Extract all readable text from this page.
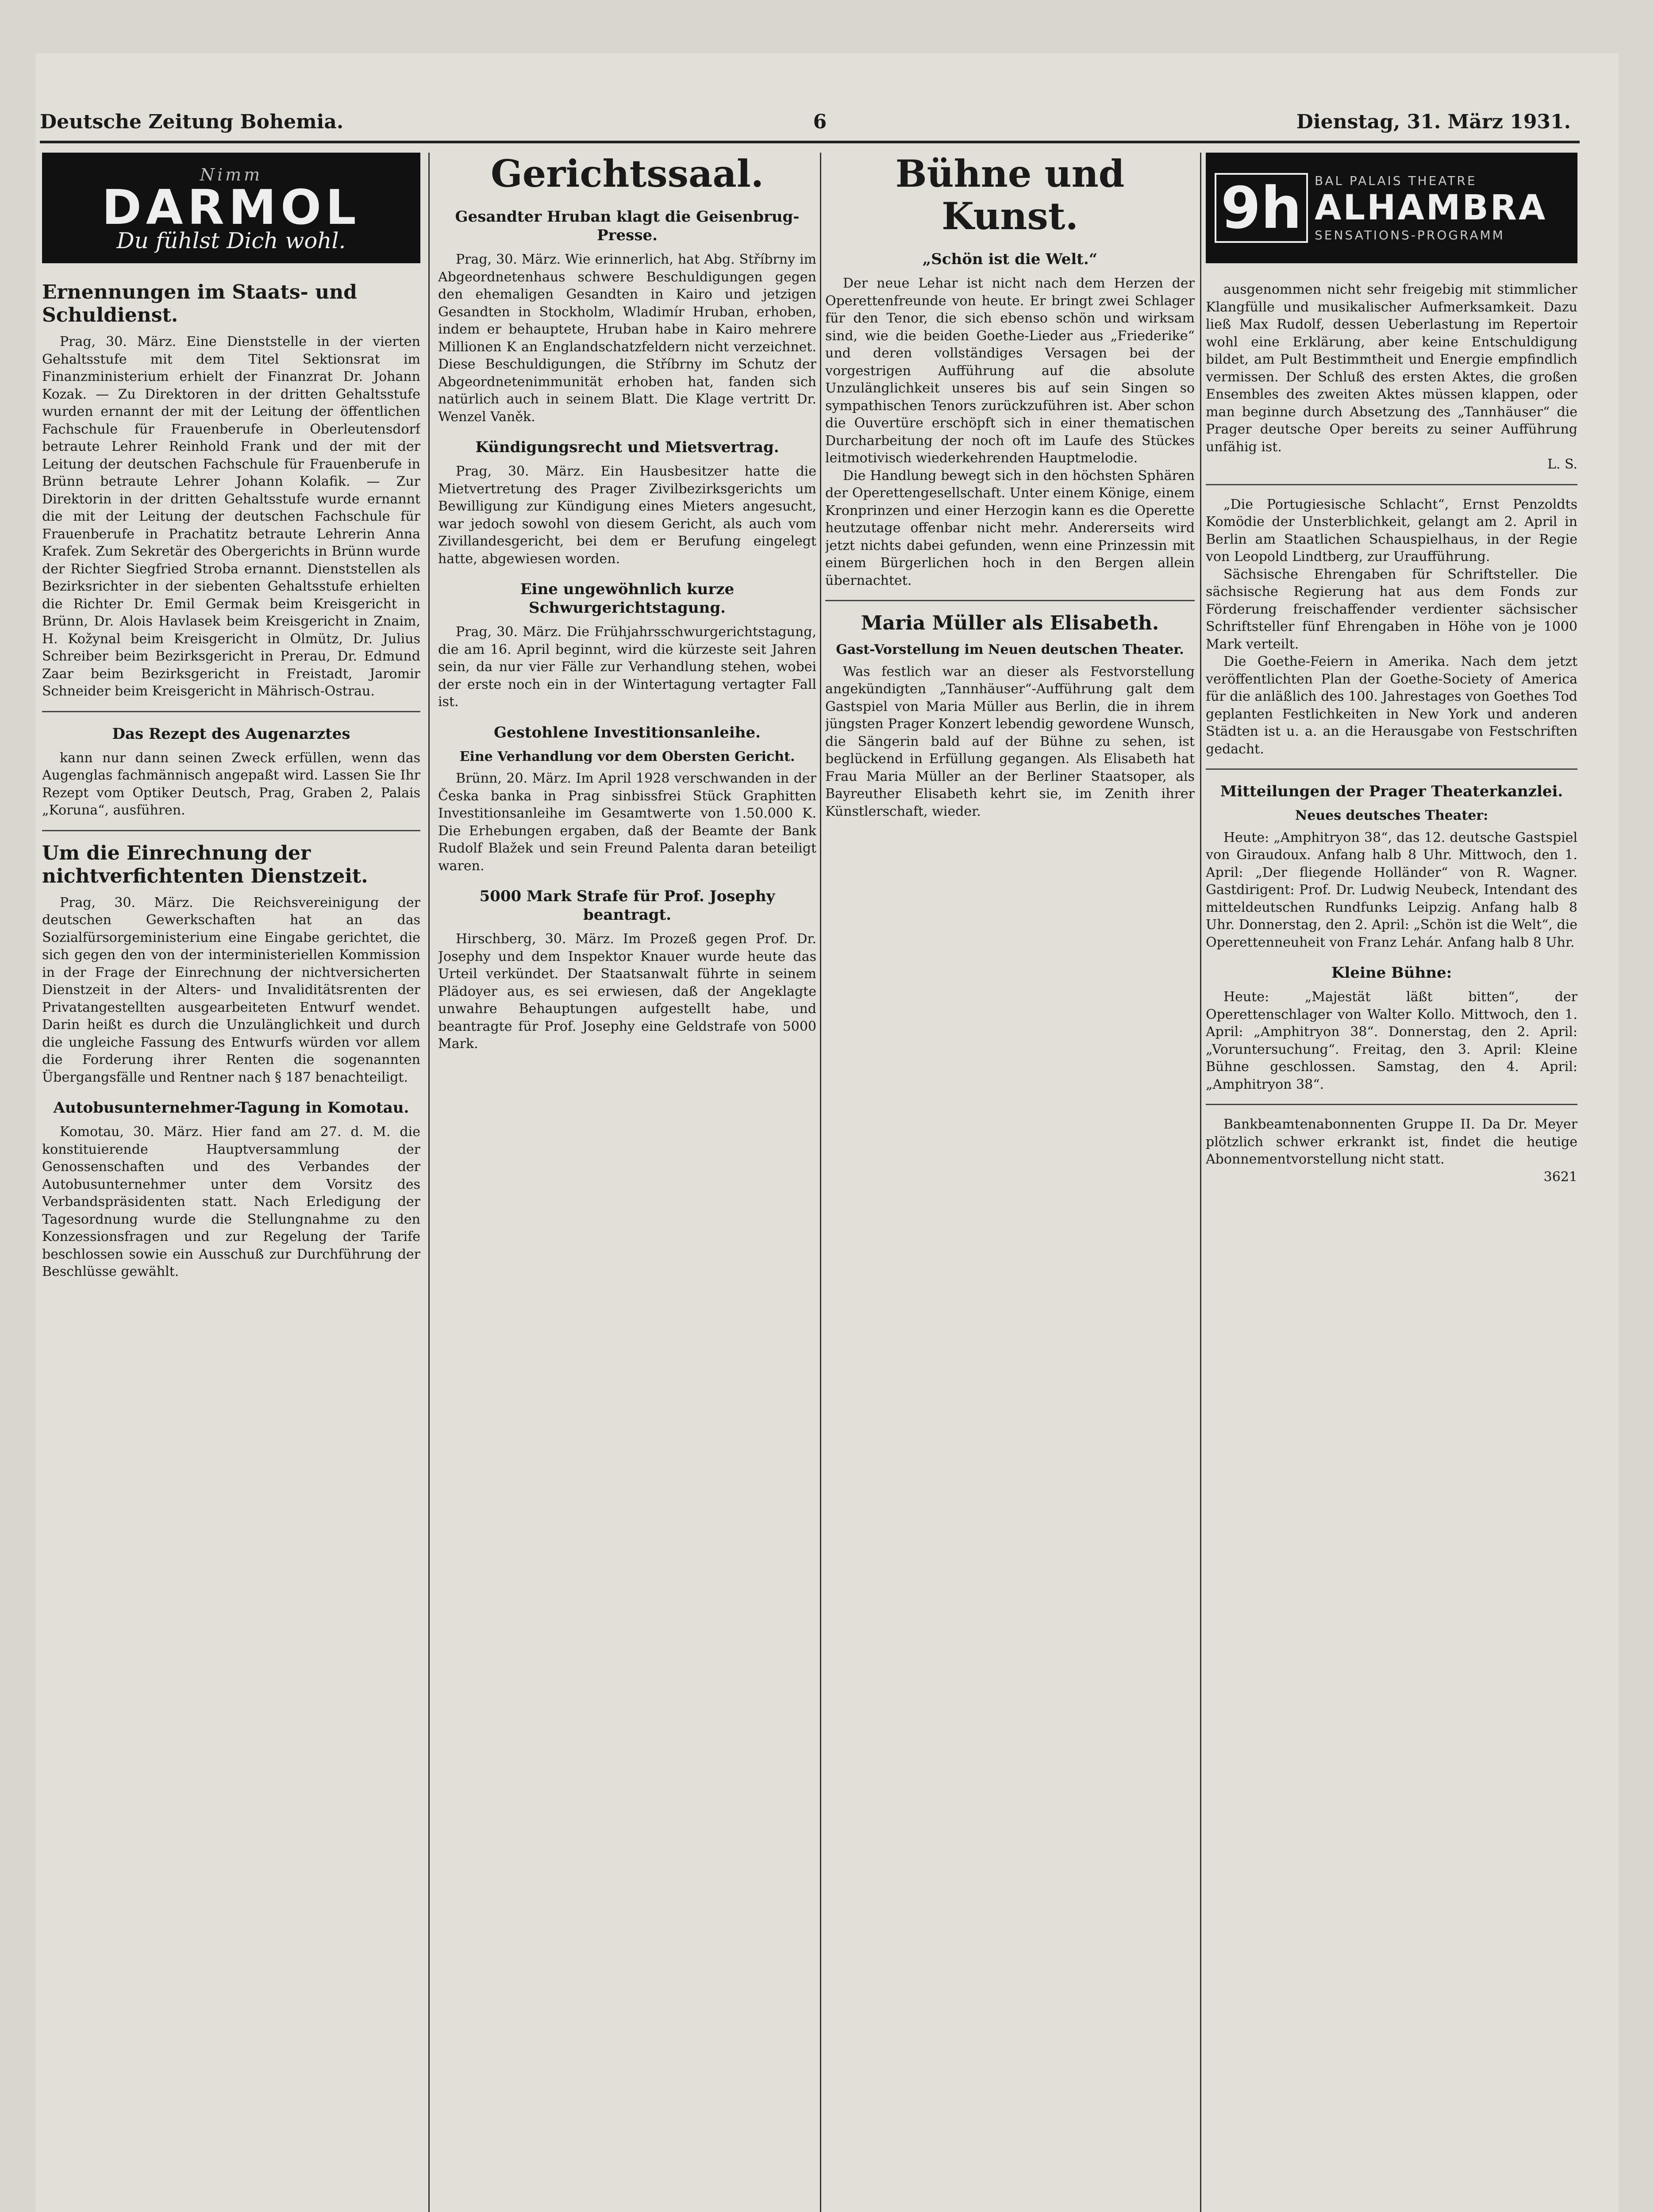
Deutsche Zeitung Bohemia.	6	Dienstag, 31. März 1931.
Nimm
DARMOL
Du fühlst Dich wohl.
Ernennungen im Staats- und Schuldienst.

Prag, 30. März. Eine Dienststelle in der vierten Gehaltsstufe mit dem Titel Sektionsrat im Finanzministerium erhielt der Finanzrat Dr. Johann Kozak. — Zu Direktoren in der dritten Gehaltsstufe wurden ernannt der mit der Leitung der öffentlichen Fachschule für Frauenberufe in Oberleutensdorf betraute Lehrer Reinhold Frank und der mit der Leitung der deutschen Fachschule für Frauenberufe in Brünn betraute Lehrer Johann Kolafik. — Zur Direktorin in der dritten Gehaltsstufe wurde ernannt die mit der Leitung der deutschen Fachschule für Frauenberufe in Prachatitz betraute Lehrerin Anna Krafek. Zum Sekretär des Obergerichts in Brünn wurde der Richter Siegfried Stroba ernannt. Dienststellen als Bezirksrichter in der siebenten Gehaltsstufe erhielten die Richter Dr. Emil Germak beim Kreisgericht in Brünn, Dr. Alois Havlasek beim Kreisgericht in Znaim, H. Kožynal beim Kreisgericht in Olmütz, Dr. Julius Schreiber beim Bezirksgericht in Prerau, Dr. Edmund Zaar beim Bezirksgericht in Freistadt, Jaromir Schneider beim Kreisgericht in Mährisch-Ostrau.

Das Rezept des Augenarztes

kann nur dann seinen Zweck erfüllen, wenn das Augenglas fachmännisch angepaßt wird. Lassen Sie Ihr Rezept vom Optiker Deutsch, Prag, Graben 2, Palais „Koruna“, ausführen.

Um die Einrechnung der nichtverfichtenten Dienstzeit.

Prag, 30. März. Die Reichsvereinigung der deutschen Gewerkschaften hat an das Sozialfürsorgeministerium eine Eingabe gerichtet, die sich gegen den von der interministeriellen Kommission in der Frage der Einrechnung der nichtversicherten Dienstzeit in der Alters- und Invaliditätsrenten der Privatangestellten ausgearbeiteten Entwurf wendet. Darin heißt es durch die Unzulänglichkeit und durch die ungleiche Fassung des Entwurfs würden vor allem die Forderung ihrer Renten die sogenannten Übergangsfälle und Rentner nach § 187 benachteiligt.

Autobusunternehmer-Tagung in Komotau.

Komotau, 30. März. Hier fand am 27. d. M. die konstituierende Hauptversammlung der Genossenschaften und des Verbandes der Autobusunternehmer unter dem Vorsitz des Verbandspräsidenten statt. Nach Erledigung der Tagesordnung wurde die Stellungnahme zu den Konzessionsfragen und zur Regelung der Tarife beschlossen sowie ein Ausschuß zur Durchführung der Beschlüsse gewählt.

Gerichtssaal.
Gesandter Hruban klagt die Geisenbrug-Presse.

Prag, 30. März. Wie erinnerlich, hat Abg. Stříbrny im Abgeordnetenhaus schwere Beschuldigungen gegen den ehemaligen Gesandten in Kairo und jetzigen Gesandten in Stockholm, Wladimír Hruban, erhoben, indem er behauptete, Hruban habe in Kairo mehrere Millionen K an Englandschatzfeldern nicht verzeichnet. Diese Beschuldigungen, die Stříbrny im Schutz der Abgeordnetenimmunität erhoben hat, fanden sich natürlich auch in seinem Blatt. Die Klage vertritt Dr. Wenzel Vaněk.

Kündigungsrecht und Mietsvertrag.

Prag, 30. März. Ein Hausbesitzer hatte die Mietvertretung des Prager Zivilbezirksgerichts um Bewilligung zur Kündigung eines Mieters angesucht, war jedoch sowohl von diesem Gericht, als auch vom Zivillandesgericht, bei dem er Berufung eingelegt hatte, abgewiesen worden.

Eine ungewöhnlich kurze Schwurgerichtstagung.

Prag, 30. März. Die Frühjahrsschwurgerichtstagung, die am 16. April beginnt, wird die kürzeste seit Jahren sein, da nur vier Fälle zur Verhandlung stehen, wobei der erste noch ein in der Wintertagung vertagter Fall ist.

Gestohlene Investitionsanleihe.
Eine Verhandlung vor dem Obersten Gericht.

Brünn, 20. März. Im April 1928 verschwanden in der Česka banka in Prag sinbissfrei Stück Graphitten Investitionsanleihe im Gesamtwerte von 1.50.000 K. Die Erhebungen ergaben, daß der Beamte der Bank Rudolf Blažek und sein Freund Palenta daran beteiligt waren.

5000 Mark Strafe für Prof. Josephy beantragt.

Hirschberg, 30. März. Im Prozeß gegen Prof. Dr. Josephy und dem Inspektor Knauer wurde heute das Urteil verkündet. Der Staatsanwalt führte in seinem Plädoyer aus, es sei erwiesen, daß der Angeklagte unwahre Behauptungen aufgestellt habe, und beantragte für Prof. Josephy eine Geldstrafe von 5000 Mark.

Bühne und Kunst.
„Schön ist die Welt.“

Der neue Lehar ist nicht nach dem Herzen der Operettenfreunde von heute. Er bringt zwei Schlager für den Tenor, die sich ebenso schön und wirksam sind, wie die beiden Goethe-Lieder aus „Friederike“ und deren vollständiges Versagen bei der vorgestrigen Aufführung auf die absolute Unzulänglichkeit unseres bis auf sein Singen so sympathischen Tenors zurückzuführen ist. Aber schon die Ouvertüre erschöpft sich in einer thematischen Durcharbeitung der noch oft im Laufe des Stückes leitmotivisch wiederkehrenden Hauptmelodie.

Die Handlung bewegt sich in den höchsten Sphären der Operettengesellschaft. Unter einem Könige, einem Kronprinzen und einer Herzogin kann es die Operette heutzutage offenbar nicht mehr. Andererseits wird jetzt nichts dabei gefunden, wenn eine Prinzessin mit einem Bürgerlichen hoch in den Bergen allein übernachtet.

Maria Müller als Elisabeth.
Gast-Vorstellung im Neuen deutschen Theater.

Was festlich war an dieser als Festvorstellung angekündigten „Tannhäuser“-Aufführung galt dem Gastspiel von Maria Müller aus Berlin, die in ihrem jüngsten Prager Konzert lebendig gewordene Wunsch, die Sängerin bald auf der Bühne zu sehen, ist beglückend in Erfüllung gegangen. Als Elisabeth hat Frau Maria Müller an der Berliner Staatsoper, als Bayreuther Elisabeth kehrt sie, im Zenith ihrer Künstlerschaft, wieder.

9h	BAL PALAIS THEATRE
ALHAMBRA
SENSATIONS-PROGRAMM

ausgenommen nicht sehr freigebig mit stimmlicher Klangfülle und musikalischer Aufmerksamkeit. Dazu ließ Max Rudolf, dessen Ueberlastung im Repertoir wohl eine Erklärung, aber keine Entschuldigung bildet, am Pult Bestimmtheit und Energie empfindlich vermissen. Der Schluß des ersten Aktes, die großen Ensembles des zweiten Aktes müssen klappen, oder man beginne durch Absetzung des „Tannhäuser“ die Prager deutsche Oper bereits zu seiner Aufführung unfähig ist.

L. S.

„Die Portugiesische Schlacht“, Ernst Penzoldts Komödie der Unsterblichkeit, gelangt am 2. April in Berlin am Staatlichen Schauspielhaus, in der Regie von Leopold Lindtberg, zur Uraufführung.

Sächsische Ehrengaben für Schriftsteller. Die sächsische Regierung hat aus dem Fonds zur Förderung freischaffender verdienter sächsischer Schriftsteller fünf Ehrengaben in Höhe von je 1000 Mark verteilt.

Die Goethe-Feiern in Amerika. Nach dem jetzt veröffentlichten Plan der Goethe-Society of America für die anläßlich des 100. Jahrestages von Goethes Tod geplanten Festlichkeiten in New York und anderen Städten ist u. a. an die Herausgabe von Festschriften gedacht.

Mitteilungen der Prager Theaterkanzlei.
Neues deutsches Theater:

Heute: „Amphitryon 38“, das 12. deutsche Gastspiel von Giraudoux. Anfang halb 8 Uhr. Mittwoch, den 1. April: „Der fliegende Holländer“ von R. Wagner. Gastdirigent: Prof. Dr. Ludwig Neubeck, Intendant des mitteldeutschen Rundfunks Leipzig. Anfang halb 8 Uhr. Donnerstag, den 2. April: „Schön ist die Welt“, die Operettenneuheit von Franz Lehár. Anfang halb 8 Uhr.

Kleine Bühne:

Heute: „Majestät läßt bitten“, der Operettenschlager von Walter Kollo. Mittwoch, den 1. April: „Amphitryon 38“. Donnerstag, den 2. April: „Voruntersuchung“. Freitag, den 3. April: Kleine Bühne geschlossen. Samstag, den 4. April: „Amphitryon 38“.

Bankbeamtenabonnenten Gruppe II. Da Dr. Meyer plötzlich schwer erkrankt ist, findet die heutige Abonnementvorstellung nicht statt.

3621
